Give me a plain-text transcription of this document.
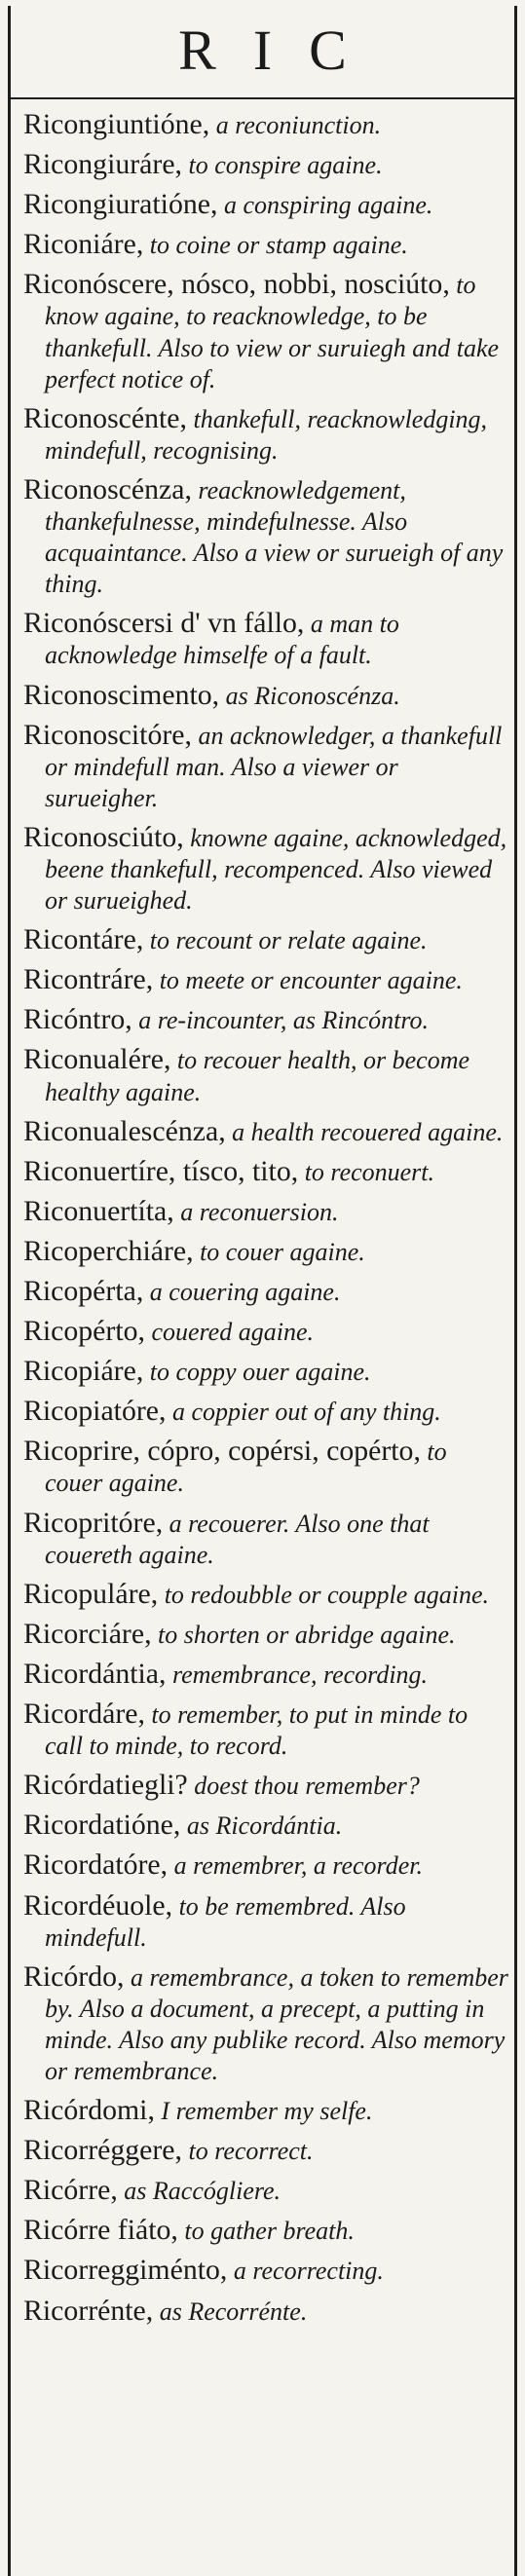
RIC

Ricongiuntióne, a reconiunction.

Ricongiuráre, to conspire againe.

Ricongiuratióne, a conspiring againe.

Riconiáre, to coine or stamp againe.

Riconóscere, nósco, nobbi, nosciúto, to know againe, to reacknowledge, to be thankefull. Also to view or suruiegh and take perfect notice of.

Riconoscénte, thankefull, reacknowledging, mindefull, recognising.

Riconoscénza, reacknowledgement, thankefulnesse, mindefulnesse. Also acquaintance. Also a view or surueigh of any thing.

Riconóscersi d' vn fállo, a man to acknowledge himselfe of a fault.

Riconoscimento, as Riconoscénza.

Riconoscitóre, an acknowledger, a thankefull or mindefull man. Also a viewer or surueigher.

Riconosciúto, knowne againe, acknowledged, beene thankefull, recompenced. Also viewed or surueighed.

Ricontáre, to recount or relate againe.

Ricontráre, to meete or encounter againe.

Ricóntro, a re-incounter, as Rincóntro.

Riconualére, to recouer health, or become healthy againe.

Riconualescénza, a health recouered againe.

Riconuertíre, tísco, tito, to reconuert.

Riconuertíta, a reconuersion.

Ricoperchiáre, to couer againe.

Ricopérta, a couering againe.

Ricopérto, couered againe.

Ricopiáre, to coppy ouer againe.

Ricopiatóre, a coppier out of any thing.

Ricoprire, cópro, copérsi, copérto, to couer againe.

Ricopritóre, a recouerer. Also one that couereth againe.

Ricopuláre, to redoubble or coupple againe.

Ricorciáre, to shorten or abridge againe.

Ricordántia, remembrance, recording.

Ricordáre, to remember, to put in minde to call to minde, to record.

Ricórdatiegli? doest thou remember?

Ricordatióne, as Ricordántia.

Ricordatóre, a remembrer, a recorder.

Ricordéuole, to be remembred. Also mindefull.

Ricórdo, a remembrance, a token to remember by. Also a document, a precept, a putting in minde. Also any publike record. Also memory or remembrance.

Ricórdomi, I remember my selfe.

Ricorréggere, to recorrect.

Ricórre, as Raccógliere.

Ricórre fiáto, to gather breath.

Ricorreggiménto, a recorrecting.

Ricorrénte, as Recorrénte.
